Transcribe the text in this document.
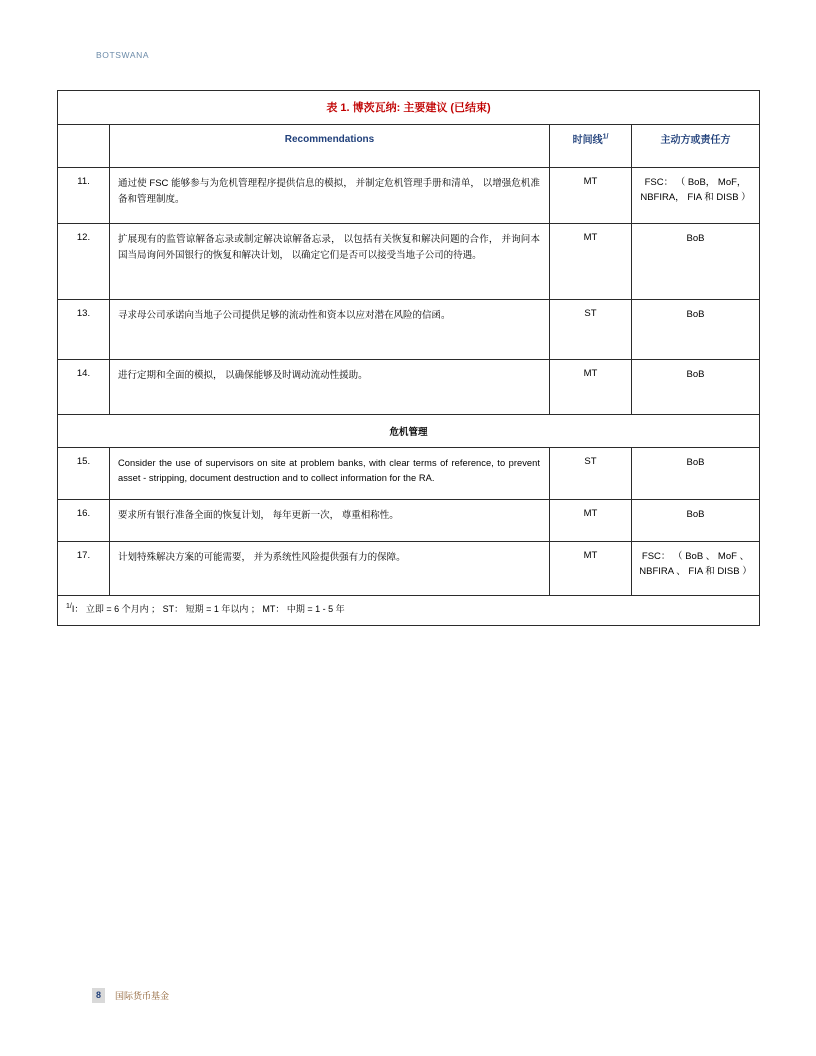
BOTSWANA
表 1. 博茨瓦纳: 主要建议 (已结束)			
	Recommendations	时间线$^{1/}$	主动方或责任方
11.	通过使 FSC 能够参与为危机管理程序提供信息的模拟， 并制定危机管理手册和清单， 以增强危机准备和管理制度。	MT	FSC： （ BoB， MoF， NBFIRA， FIA 和 DISB ）
12.	扩展现有的监管谅解备忘录或制定解决谅解备忘录， 以包括有关恢复和解决问题的合作， 并询问本国当局询问外国银行的恢复和解决计划， 以确定它们是否可以接受当地子公司的待遇。	MT	BoB
13.	寻求母公司承诺向当地子公司提供足够的流动性和资本以应对潜在风险的信函。	ST	BoB
14.	进行定期和全面的模拟， 以确保能够及时调动流动性援助。	MT	BoB
危机管理			
15.	Consider the use of supervisors on site at problem banks, with clear terms of reference, to prevent asset - stripping, document destruction and to collect information for the RA.	ST	BoB
16.	要求所有银行准备全面的恢复计划， 每年更新一次， 尊重相称性。	MT	BoB
17.	计划特殊解决方案的可能需要， 并为系统性风险提供强有力的保障。	MT	FSC： （ BoB 、 MoF 、 NBFIRA 、 FIA 和 DISB ）
$^{1/}$I： 立即 = 6 个月内 ； ST： 短期 = 1 年以内 ； MT： 中期 = 1 - 5 年			
8	国际货币基金
